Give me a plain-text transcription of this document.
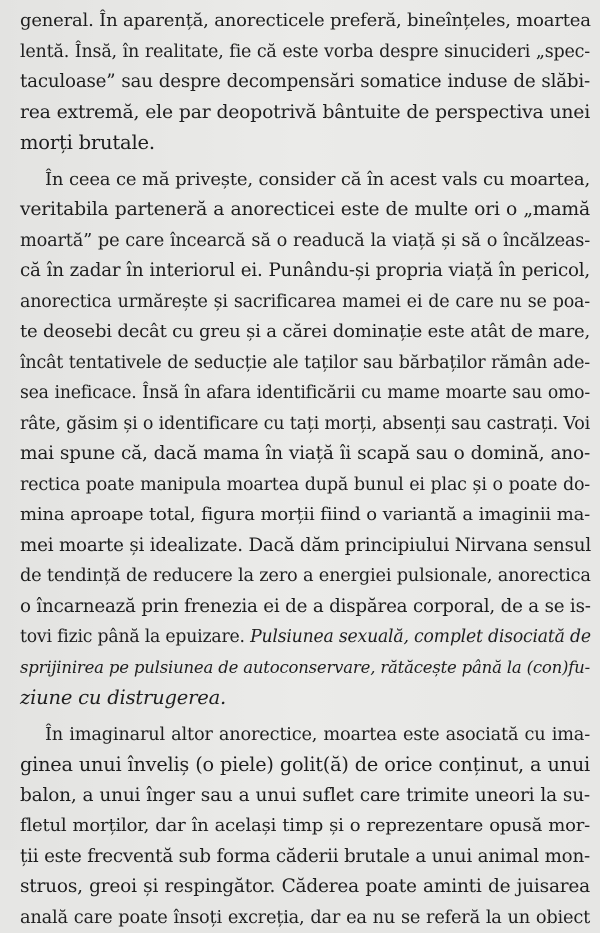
general. În aparență, anorecticele preferă, bineînțeles, moartea
lentă. Însă, în realitate, fie că este vorba despre sinucideri „spec-
taculoase” sau despre decompensări somatice induse de slăbi-
rea extremă, ele par deopotrivă bântuite de perspectiva unei
morți brutale.
În ceea ce mă privește, consider că în acest vals cu moartea,
veritabila parteneră a anorecticei este de multe ori o „mamă
moartă” pe care încearcă să o readucă la viață și să o încălzeas-
că în zadar în interiorul ei. Punându-și propria viață în pericol,
anorectica urmărește și sacrificarea mamei ei de care nu se poa-
te deosebi decât cu greu și a cărei dominație este atât de mare,
încât tentativele de seducție ale taților sau bărbaților rămân ade-
sea ineficace. Însă în afara identificării cu mame moarte sau omo-
râte, găsim și o identificare cu tați morți, absenți sau castrați. Voi
mai spune că, dacă mama în viață îi scapă sau o domină, ano-
rectica poate manipula moartea după bunul ei plac și o poate do-
mina aproape total, figura morții fiind o variantă a imaginii ma-
mei moarte și idealizate. Dacă dăm principiului Nirvana sensul
de tendință de reducere la zero a energiei pulsionale, anorectica
o încarnează prin frenezia ei de a dispărea corporal, de a se is-
tovi fizic până la epuizare. Pulsiunea sexuală, complet disociată de
sprijinirea pe pulsiunea de autoconservare, rătăcește până la (con)fu-
ziune cu distrugerea.
În imaginarul altor anorectice, moartea este asociată cu ima-
ginea unui înveliș (o piele) golit(ă) de orice conținut, a unui
balon, a unui înger sau a unui suflet care trimite uneori la su-
fletul morților, dar în același timp și o reprezentare opusă mor-
ții este frecventă sub forma căderii brutale a unui animal mon-
struos, greoi și respingător. Căderea poate aminti de juisarea
anală care poate însoți excreția, dar ea nu se referă la un obiect
